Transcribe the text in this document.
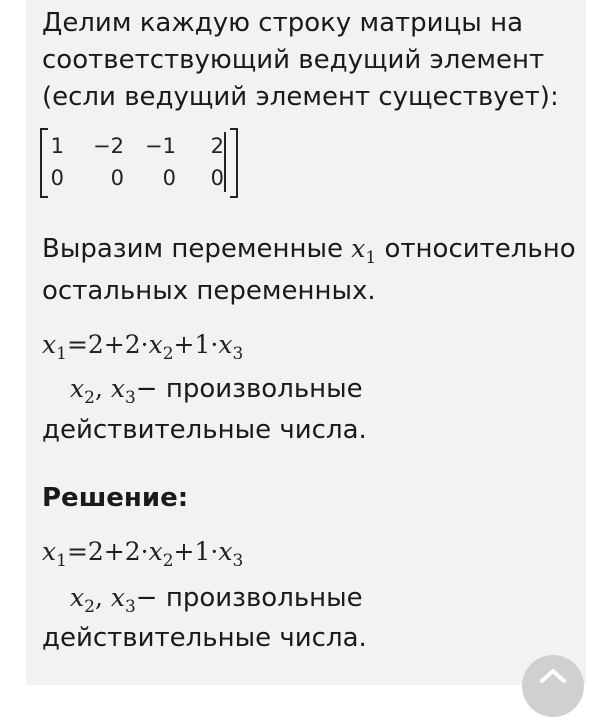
Делим каждую строку матрицы на
соответствующий ведущий элемент
(если ведущий элемент существует):
1	−2	−1	2
0	0	0	0
Выразим переменные $x_1$ относительно
остальных переменных.
$x_1=2+2\cdot x_2+1\cdot x_3$
$x_2$, $x_3-$ произвольные
действительные числа.
Решение:
$x_1=2+2\cdot x_2+1\cdot x_3$
$x_2$, $x_3-$ произвольные
действительные числа.
